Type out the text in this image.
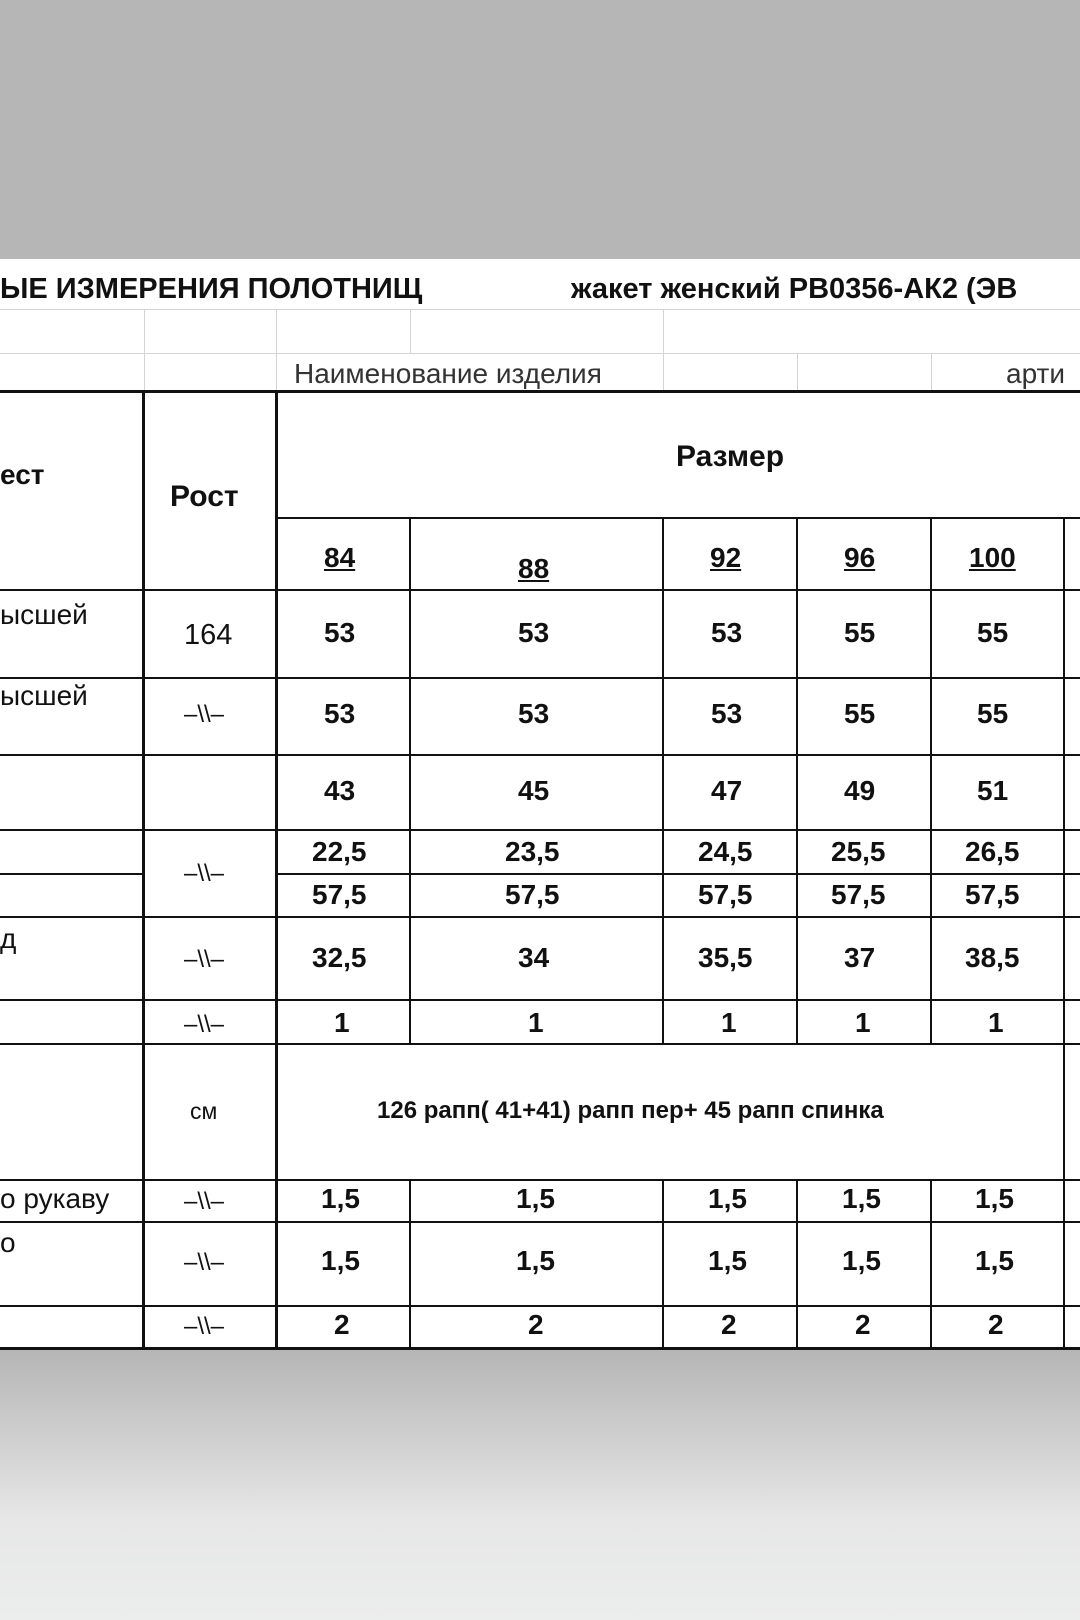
ЫЕ ИЗМЕРЕНИЯ ПОЛОТНИЩ	жакет женский РВ0356-АК2 (ЭВ
Наименование изделия	арти
ест
Рост
Размер
84	88	92	96	100
ысшей
164	53	53	53	55	55
ысшей
–\\–	53	53	53	55	55
43	45	47	49	51
–\\–
22,5	23,5	24,5	25,5	26,5
57,5	57,5	57,5	57,5	57,5
д
–\\–	32,5	34	35,5	37	38,5
–\\–	1	1	1	1	1
см	126 рапп( 41+41) рапп пер+ 45 рапп спинка
о рукаву	–\\–	1,5	1,5	1,5	1,5	1,5
о
–\\–	1,5	1,5	1,5	1,5	1,5
–\\–	2	2	2	2	2
